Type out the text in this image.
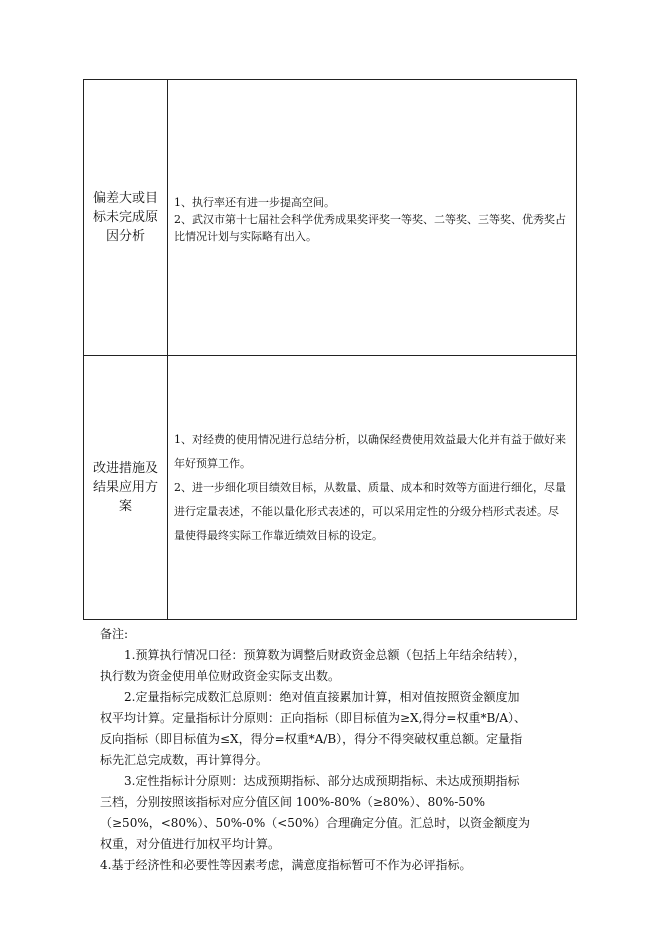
偏差大或目标未完成原因分析

1、执行率还有进一步提高空间。

2、武汉市第十七届社会科学优秀成果奖评奖一等奖、二等奖、三等奖、优秀奖占比情况计划与实际略有出入。

改进措施及结果应用方案

1、对经费的使用情况进行总结分析，以确保经费使用效益最大化并有益于做好来年好预算工作。

2、进一步细化项目绩效目标，从数量、质量、成本和时效等方面进行细化，尽量进行定量表述，不能以量化形式表述的，可以采用定性的分级分档形式表述。尽量使得最终实际工作靠近绩效目标的设定。

备注:

1.预算执行情况口径：预算数为调整后财政资金总额（包括上年结余结转），执行数为资金使用单位财政资金实际支出数。

2.定量指标完成数汇总原则：绝对值直接累加计算，相对值按照资金额度加权平均计算。定量指标计分原则：正向指标（即目标值为≥X,得分=权重*B/A）、反向指标（即目标值为≤X，得分=权重*A/B），得分不得突破权重总额。定量指标先汇总完成数，再计算得分。

3.定性指标计分原则：达成预期指标、部分达成预期指标、未达成预期指标三档，分别按照该指标对应分值区间 100%-80%（≥80%）、80%-50%（≥50%，<80%）、50%-0%（<50%）合理确定分值。汇总时，以资金额度为权重，对分值进行加权平均计算。

4.基于经济性和必要性等因素考虑，满意度指标暂可不作为必评指标。
